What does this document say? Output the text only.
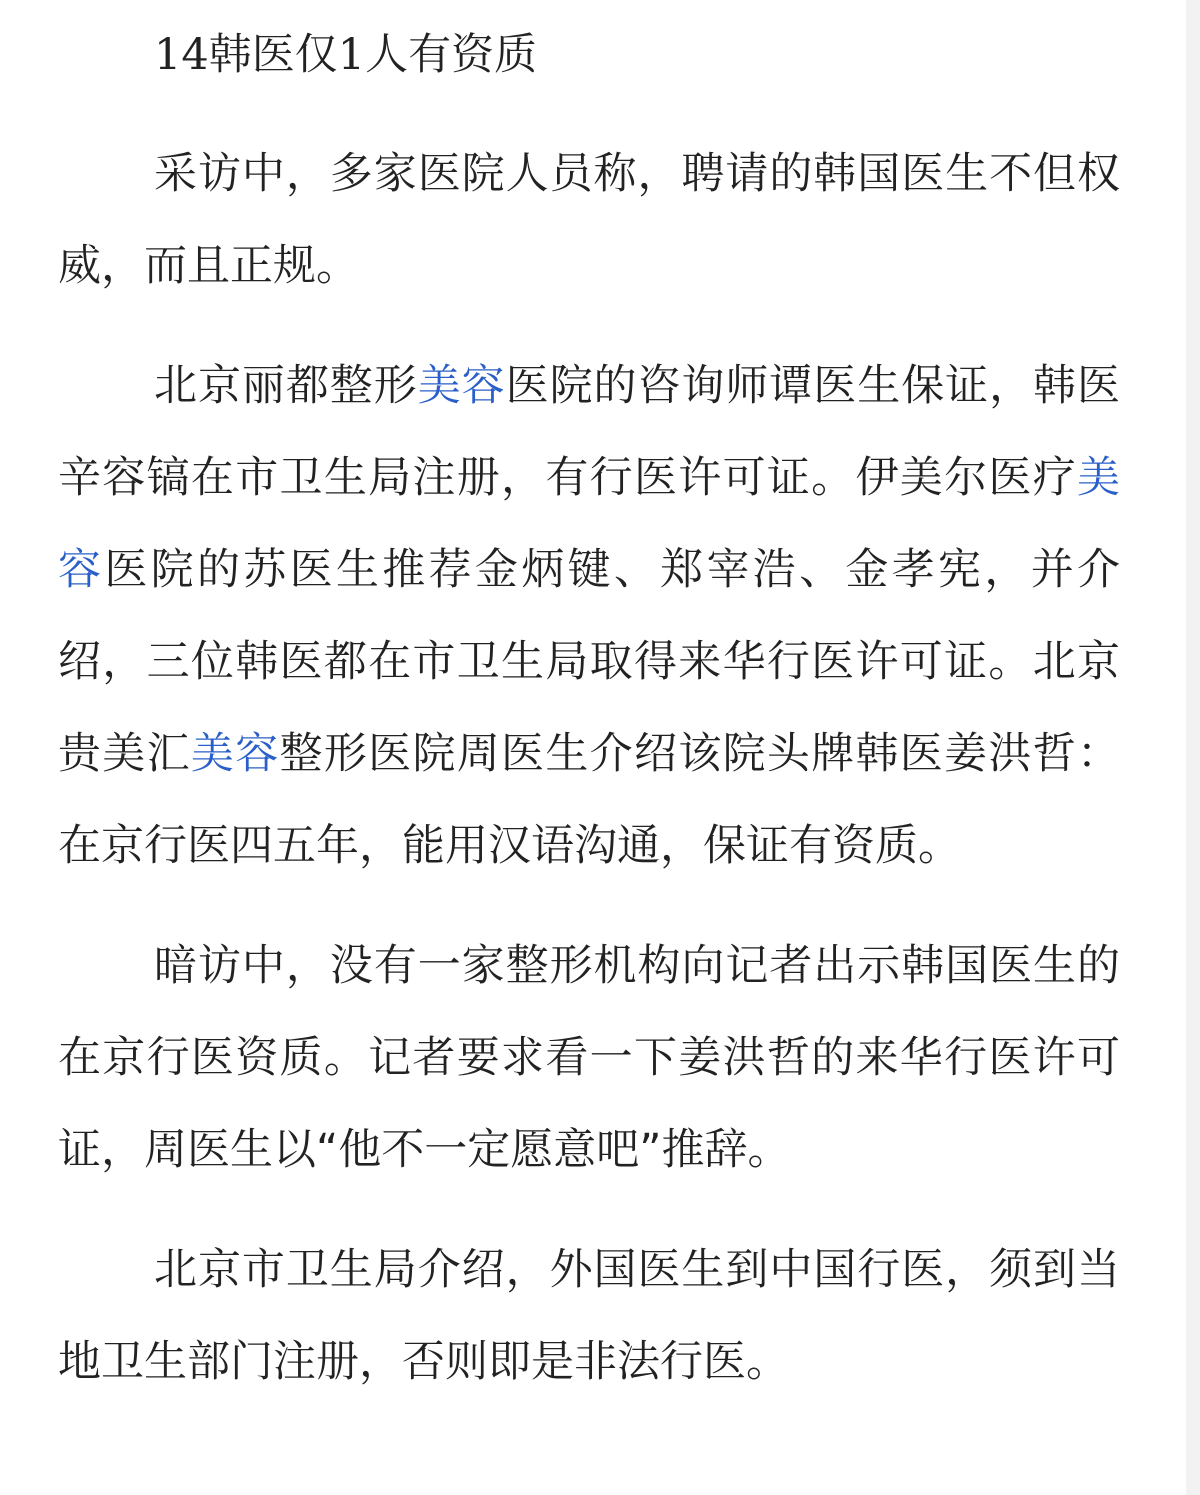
14韩医仅1人有资质

采访中，多家医院人员称，聘请的韩国医生不但权威，而且正规。

北京丽都整形美容医院的咨询师谭医生保证，韩医辛容镐在市卫生局注册，有行医许可证。伊美尔医疗美容医院的苏医生推荐金炳键、郑宰浩、金孝宪，并介绍，三位韩医都在市卫生局取得来华行医许可证。北京贵美汇美容整形医院周医生介绍该院头牌韩医姜洪哲：在京行医四五年，能用汉语沟通，保证有资质。

暗访中，没有一家整形机构向记者出示韩国医生的在京行医资质。记者要求看一下姜洪哲的来华行医许可证，周医生以“他不一定愿意吧”推辞。

北京市卫生局介绍，外国医生到中国行医，须到当地卫生部门注册，否则即是非法行医。
